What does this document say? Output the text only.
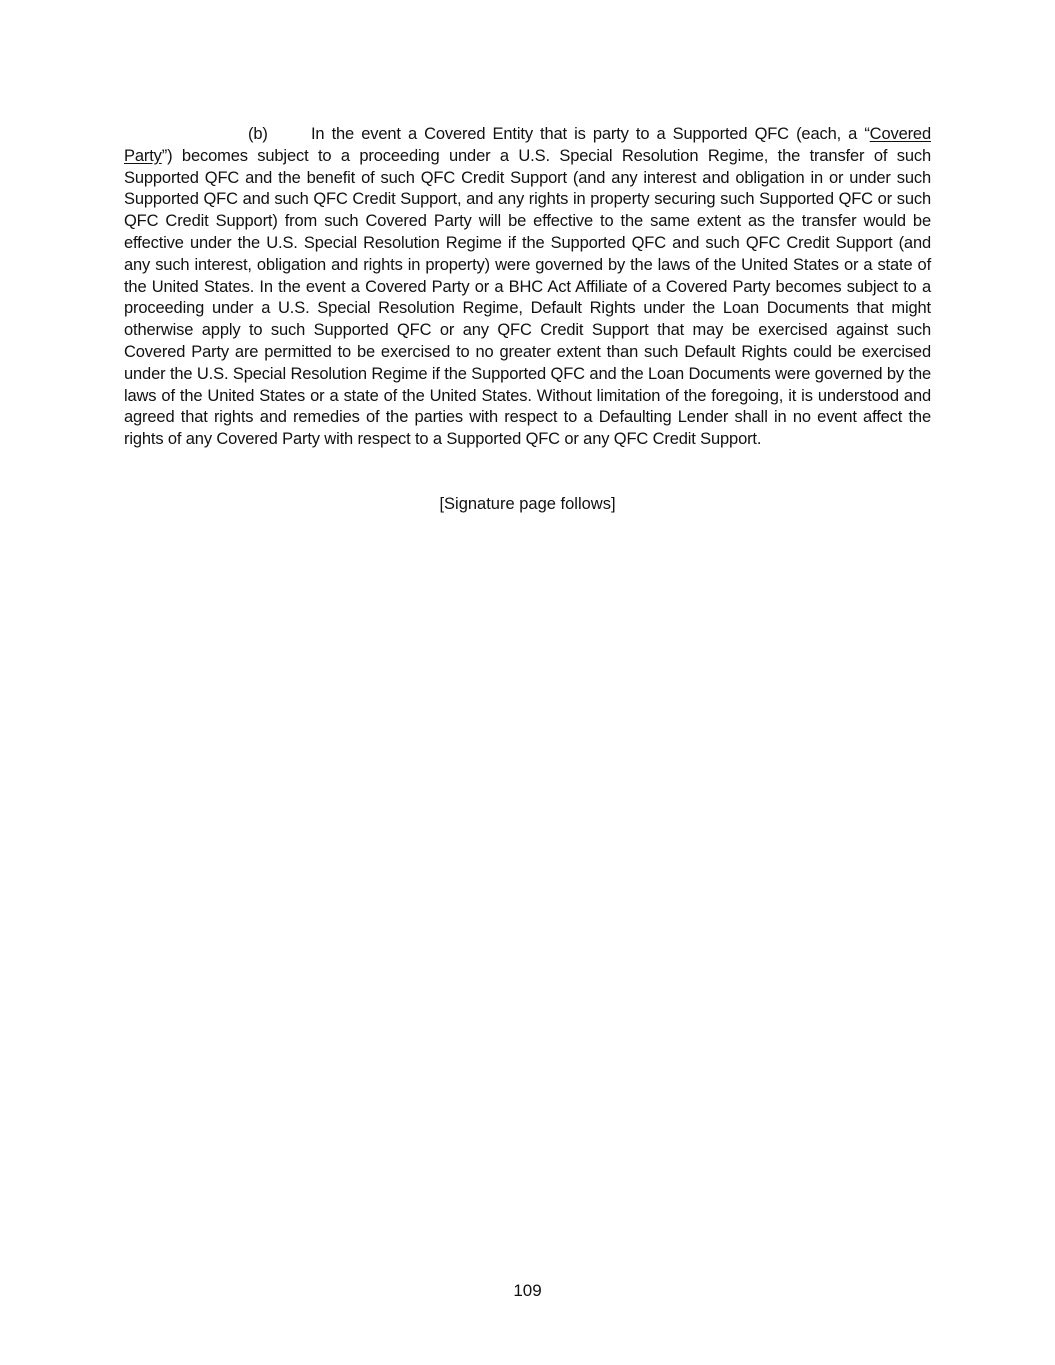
(b)	In the event a Covered Entity that is party to a Supported QFC (each, a “Covered Party”) becomes subject to a proceeding under a U.S. Special Resolution Regime, the transfer of such Supported QFC and the benefit of such QFC Credit Support (and any interest and obligation in or under such Supported QFC and such QFC Credit Support, and any rights in property securing such Supported QFC or such QFC Credit Support) from such Covered Party will be effective to the same extent as the transfer would be effective under the U.S. Special Resolution Regime if the Supported QFC and such QFC Credit Support (and any such interest, obligation and rights in property) were governed by the laws of the United States or a state of the United States. In the event a Covered Party or a BHC Act Affiliate of a Covered Party becomes subject to a proceeding under a U.S. Special Resolution Regime, Default Rights under the Loan Documents that might otherwise apply to such Supported QFC or any QFC Credit Support that may be exercised against such Covered Party are permitted to be exercised to no greater extent than such Default Rights could be exercised under the U.S. Special Resolution Regime if the Supported QFC and the Loan Documents were governed by the laws of the United States or a state of the United States. Without limitation of the foregoing, it is understood and agreed that rights and remedies of the parties with respect to a Defaulting Lender shall in no event affect the rights of any Covered Party with respect to a Supported QFC or any QFC Credit Support.

[Signature page follows]

109
